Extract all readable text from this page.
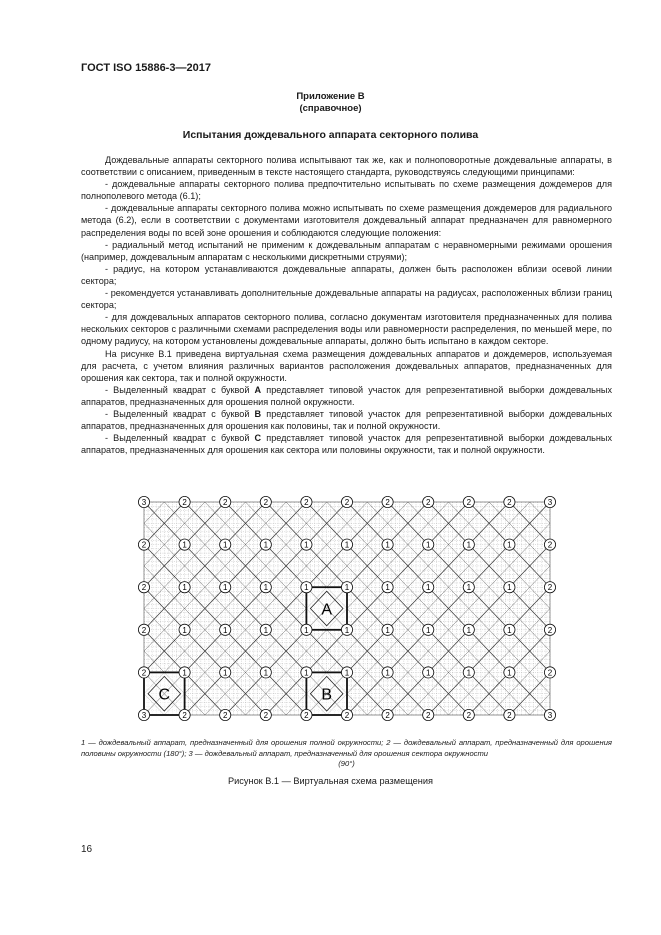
ГОСТ ISO 15886-3—2017
Приложение В
(справочное)
Испытания дождевального аппарата секторного полива

Дождевальные аппараты секторного полива испытывают так же, как и полноповоротные дождевальные аппараты, в соответствии с описанием, приведенным в тексте настоящего стандарта, руководствуясь следующими принципами:

- дождевальные аппараты секторного полива предпочтительно испытывать по схеме размещения дождемеров для полнополевого метода (6.1);

- дождевальные аппараты секторного полива можно испытывать по схеме размещения дождемеров для радиального метода (6.2), если в соответствии с документами изготовителя дождевальный аппарат предназначен для равномерного распределения воды по всей зоне орошения и соблюдаются следующие положения:

- радиальный метод испытаний не применим к дождевальным аппаратам с неравномерными режимами орошения (например, дождевальным аппаратам с несколькими дискретными струями);

- радиус, на котором устанавливаются дождевальные аппараты, должен быть расположен вблизи осевой линии сектора;

- рекомендуется устанавливать дополнительные дождевальные аппараты на радиусах, расположенных вблизи границ сектора;

- для дождевальных аппаратов секторного полива, согласно документам изготовителя предназначенных для полива нескольких секторов с различными схемами распределения воды или равномерности распределения, по меньшей мере, по одному радиусу, на котором установлены дождевальные аппараты, должно быть испытано в каждом секторе.

На рисунке В.1 приведена виртуальная схема размещения дождевальных аппаратов и дождемеров, используемая для расчета, с учетом влияния различных вариантов расположения дождевальных аппаратов, предназначенных для орошения как сектора, так и полной окружности.

- Выделенный квадрат с буквой А представляет типовой участок для репрезентативной выборки дождевальных аппаратов, предназначенных для орошения полной окружности.

- Выделенный квадрат с буквой В представляет типовой участок для репрезентативной выборки дождевальных аппаратов, предназначенных для орошения как половины, так и полной окружности.

- Выделенный квадрат с буквой С представляет типовой участок для репрезентативной выборки дождевальных аппаратов, предназначенных для орошения как сектора или половины окружности, так и полной окружности.

A
B
C
3	2	2	2	2	2	2	2	2	2	3
2	1	1	1	1	1	1	1	1	1	2
2	1	1	1	1	1	1	1	1	1	2
2	1	1	1	1	1	1	1	1	1	2
2	1	1	1	1	1	1	1	1	1	2
3	2	2	2	2	2	2	2	2	2	3
1 — дождевальный аппарат, предназначенный для орошения полной окружности; 2 — дождевальный аппарат, предназначенный для орошения половины окружности (180°); 3 — дождевальный аппарат, предназначенный для орошения сектора окружности
(90°)
Рисунок В.1 — Виртуальная схема размещения
16
